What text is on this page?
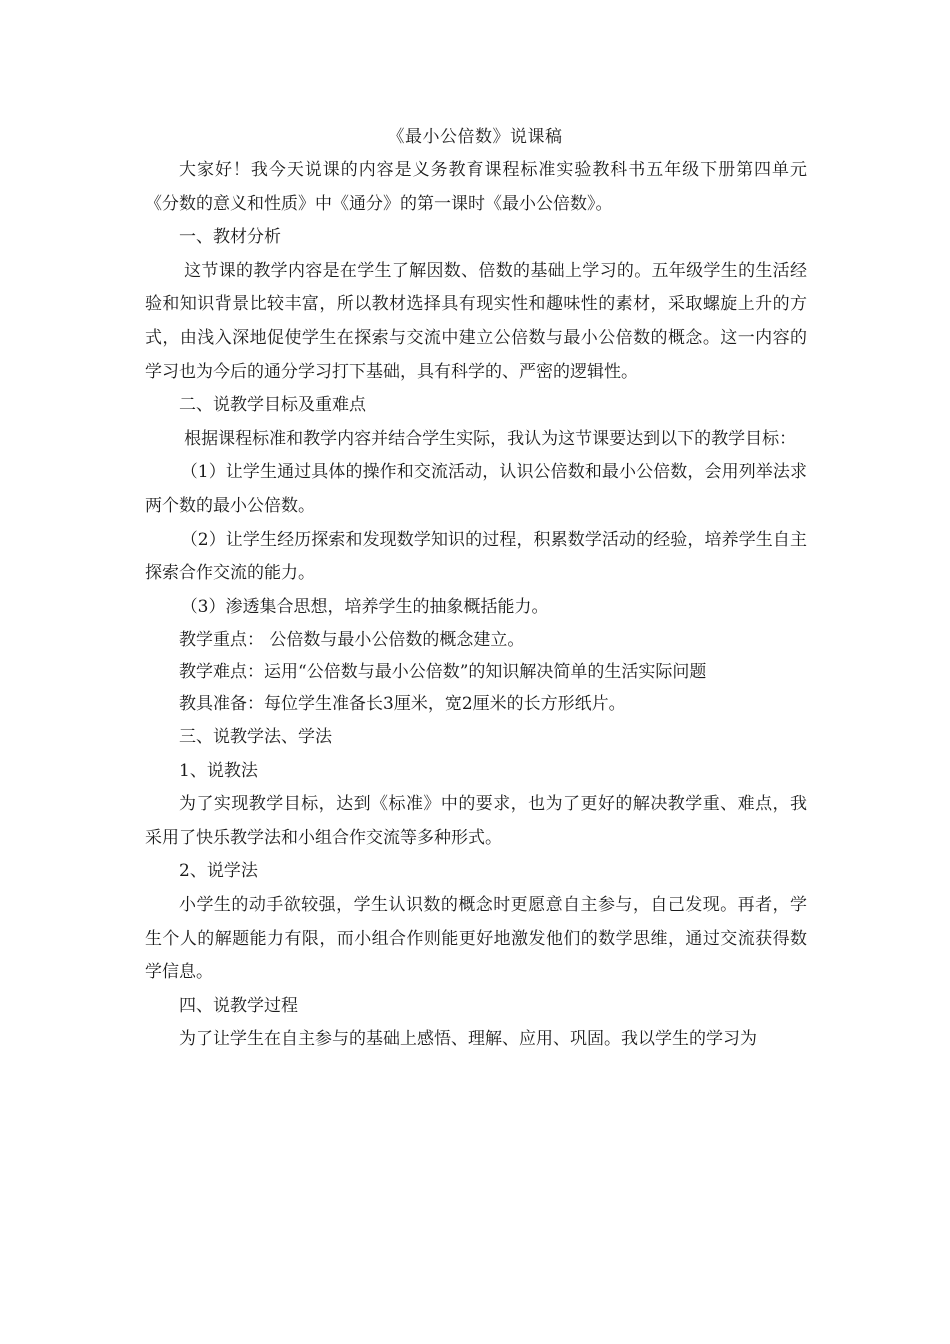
《最小公倍数》说课稿

大家好！我今天说课的内容是义务教育课程标准实验教科书五年级下册第四单元《分数的意义和性质》中《通分》的第一课时《最小公倍数》。

一、教材分析

这节课的教学内容是在学生了解因数、倍数的基础上学习的。五年级学生的生活经验和知识背景比较丰富，所以教材选择具有现实性和趣味性的素材，采取螺旋上升的方式，由浅入深地促使学生在探索与交流中建立公倍数与最小公倍数的概念。这一内容的学习也为今后的通分学习打下基础，具有科学的、严密的逻辑性。

二、说教学目标及重难点

根据课程标准和教学内容并结合学生实际，我认为这节课要达到以下的教学目标：

（1）让学生通过具体的操作和交流活动，认识公倍数和最小公倍数，会用列举法求两个数的最小公倍数。

（2）让学生经历探索和发现数学知识的过程，积累数学活动的经验，培养学生自主探索合作交流的能力。

（3）渗透集合思想，培养学生的抽象概括能力。

教学重点： 公倍数与最小公倍数的概念建立。

教学难点：运用“公倍数与最小公倍数”的知识解决简单的生活实际问题

教具准备：每位学生准备长3厘米，宽2厘米的长方形纸片。

三、说教学法、学法

1、说教法

为了实现教学目标，达到《标准》中的要求，也为了更好的解决教学重、难点，我采用了快乐教学法和小组合作交流等多种形式。

2、说学法

小学生的动手欲较强，学生认识数的概念时更愿意自主参与，自己发现。再者，学生个人的解题能力有限，而小组合作则能更好地激发他们的数学思维，通过交流获得数学信息。

四、说教学过程

为了让学生在自主参与的基础上感悟、理解、应用、巩固。我以学生的学习为
